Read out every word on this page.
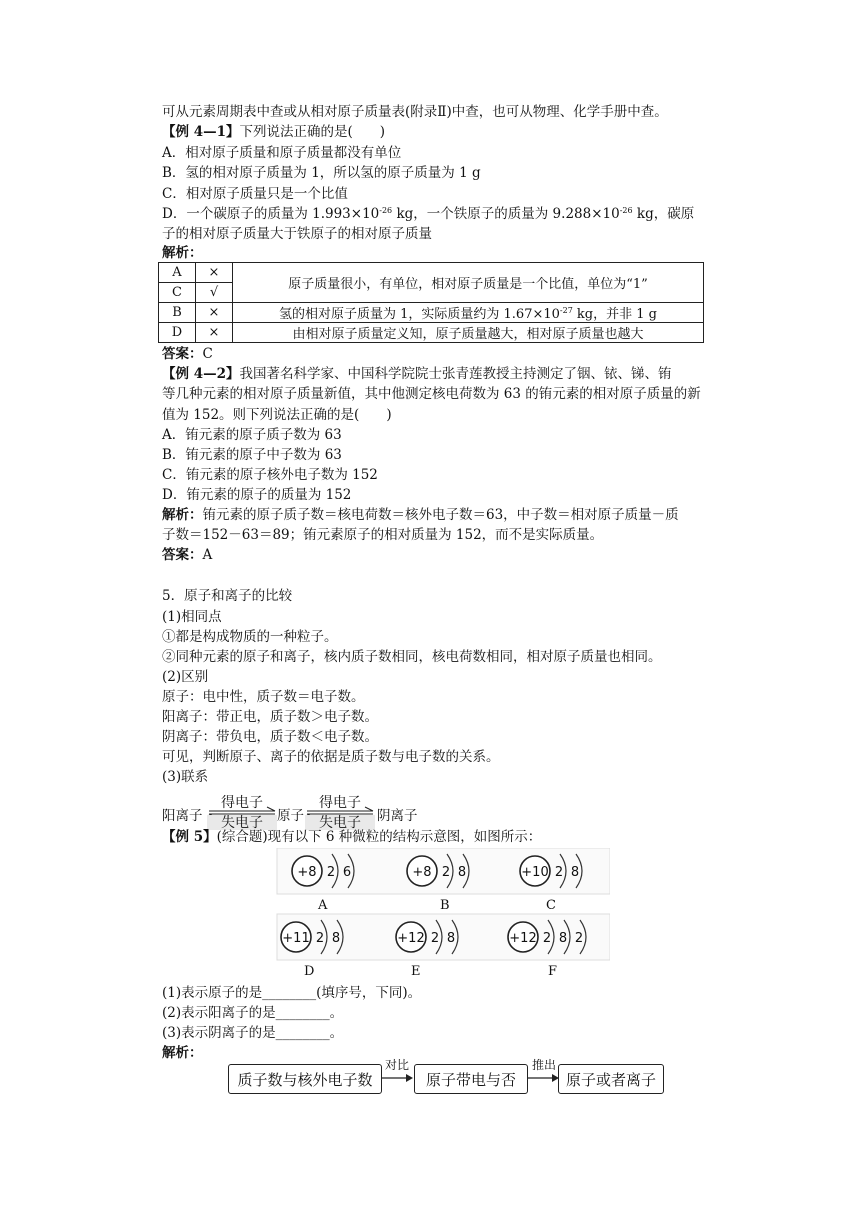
可从元素周期表中查或从相对原子质量表(附录Ⅱ)中查，也可从物理、化学手册中查。
【例 4—1】下列说法正确的是(　　)
A．相对原子质量和原子质量都没有单位
B．氢的相对原子质量为 1，所以氢的原子质量为 1 g
C．相对原子质量只是一个比值
D．一个碳原子的质量为 $1.993\times 10^{-26}$ kg，一个铁原子的质量为 $9.288\times 10^{-26}$ kg，碳原
子的相对原子质量大于铁原子的相对原子质量
解析：
A	×	原子质量很小，有单位，相对原子质量是一个比值，单位为“1”
C	√	
B	×	氢的相对原子质量为 1，实际质量约为 $1.67\times 10^{-27}$ kg，并非 1 g
D	×	由相对原子质量定义知，原子质量越大，相对原子质量也越大
答案：C
【例 4—2】我国著名科学家、中国科学院院士张青莲教授主持测定了铟、铱、锑、铕
等几种元素的相对原子质量新值，其中他测定核电荷数为 63 的铕元素的相对原子质量的新
值为 152。则下列说法正确的是(　　)
A．铕元素的原子质子数为 63
B．铕元素的原子中子数为 63
C．铕元素的原子核外电子数为 152
D．铕元素的原子的质量为 152
解析：铕元素的原子质子数＝核电荷数＝核外电子数＝63，中子数＝相对原子质量－质
子数＝152－63＝89；铕元素原子的相对质量为 152，而不是实际质量。
答案：A
5．原子和离子的比较
(1)相同点
①都是构成物质的一种粒子。
②同种元素的原子和离子，核内质子数相同，核电荷数相同，相对原子质量也相同。
(2)区别
原子：电中性，质子数＝电子数。
阳离子：带正电，质子数＞电子数。
阴离子：带负电，质子数＜电子数。
可见，判断原子、离子的依据是质子数与电子数的关系。
(3)联系
阳离子
得电子
失电子	原子
得电子
失电子	阴离子
【例 5】(综合题)现有以下 6 种微粒的结构示意图，如图所示：
+8 2 6	+8 2 8	+10 2 8
+11 2 8	+12 2 8	+12 2 8 2
A	B	C
D	E	F
(1)表示原子的是________(填序号，下同)。
(2)表示阳离子的是________。
(3)表示阴离子的是________。
解析：
质子数与核外电子数
对比
原子带电与否
推出
原子或者离子
